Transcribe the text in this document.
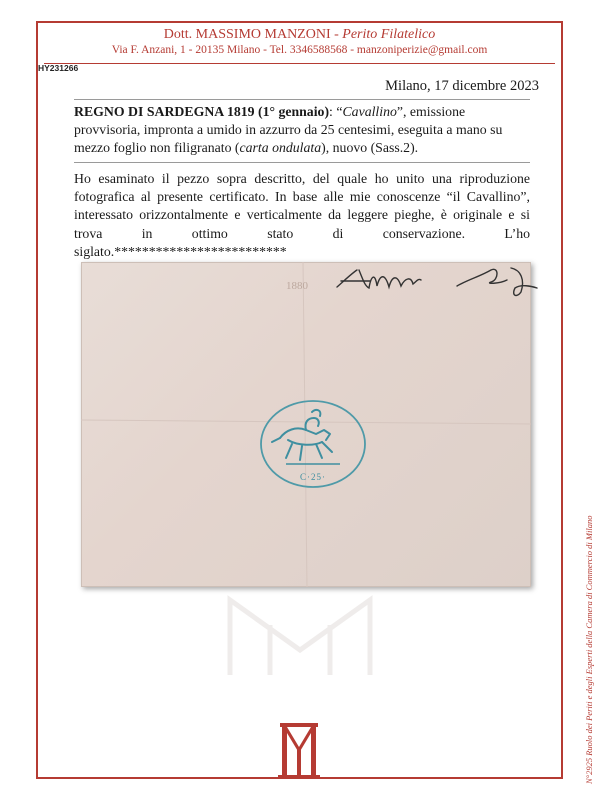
Dott. MASSIMO MANZONI - Perito Filatelico
Via F. Anzani, 1 - 20135 Milano - Tel. 3346588568 - manzoniperizie@gmail.com
HY231266
Milano, 17 dicembre 2023
REGNO DI SARDEGNA 1819 (1° gennaio): “Cavallino”, emissione provvisoria, impronta a umido in azzurro da 25 centesimi, eseguita a mano su mezzo foglio non filigranato (carta ondulata), nuovo (Sass.2).
Ho esaminato il pezzo sopra descritto, del quale ho unito una riproduzione fotografica al presente certificato. In base alle mie conoscenze “il Cavallino”, interessato orizzontalmente e verticalmente da leggere pieghe, è originale e si trova in ottimo stato di conservazione. L’ho siglato.*************************
1880
C·25·
N°2925 Ruolo dei Periti e degli Esperti della Camera di Commercio di Milano
